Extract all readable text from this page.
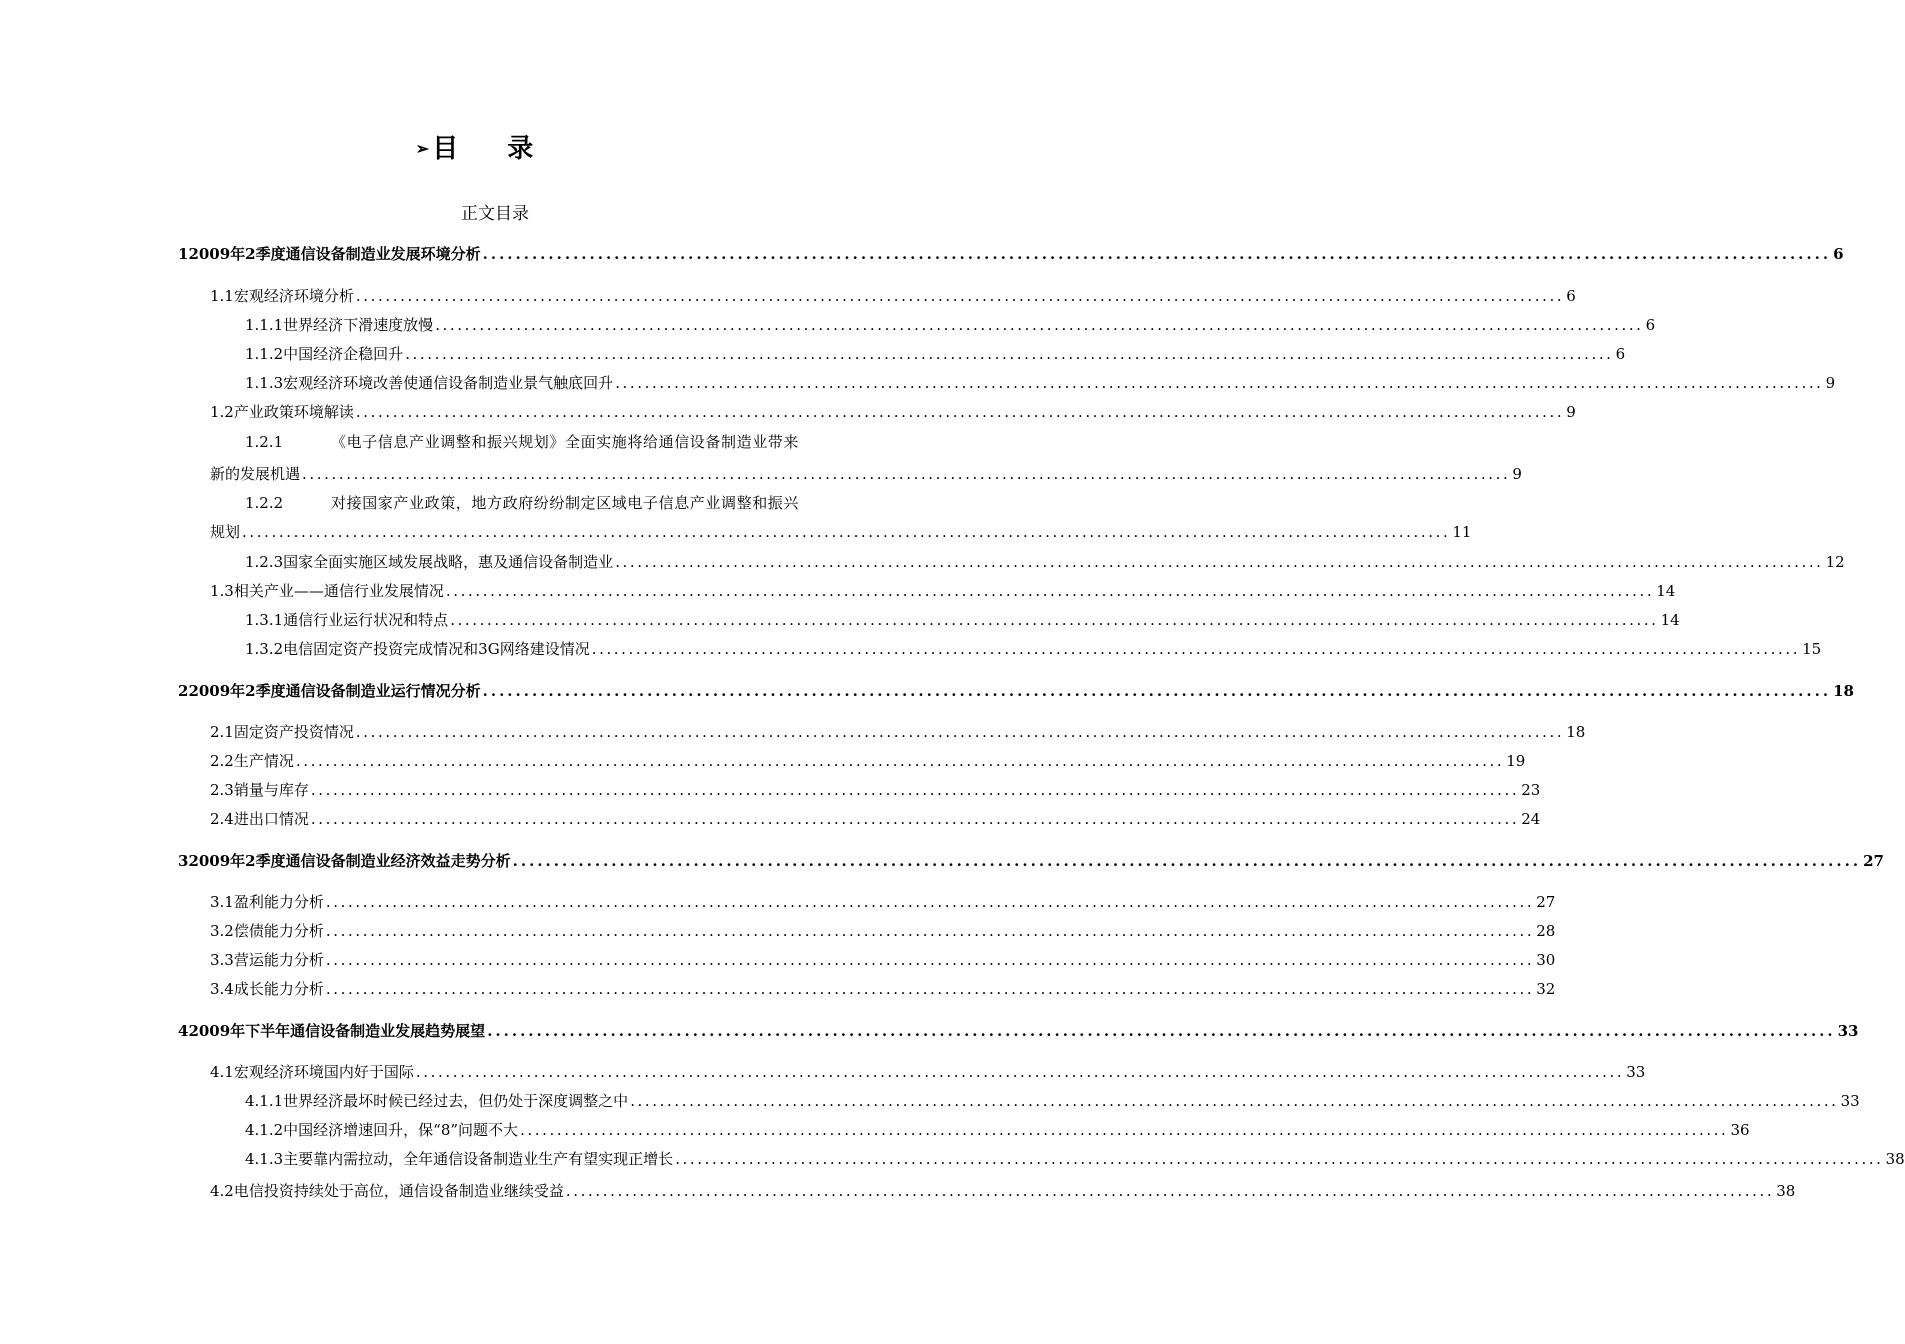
➢目 录
正文目录
1 2009年2季度通信设备制造业发展环境分析 .................................................................................................................................................................... 6
1.1 宏观经济环境分析 .................................................................................................................................................................... 6
1.1.1 世界经济下滑速度放慢 .................................................................................................................................................................... 6
1.1.2 中国经济企稳回升 .................................................................................................................................................................... 6
1.1.3 宏观经济环境改善使通信设备制造业景气触底回升 .................................................................................................................................................................... 9
1.2 产业政策环境解读 .................................................................................................................................................................... 9
1.2.1	《电子信息产业调整和振兴规划》全面实施将给通信设备制造业带来
新的发展机遇 .................................................................................................................................................................... 9
1.2.2	对接国家产业政策，地方政府纷纷制定区域电子信息产业调整和振兴
规划 .................................................................................................................................................................... 11
1.2.3 国家全面实施区域发展战略，惠及通信设备制造业 .................................................................................................................................................................... 12
1.3 相关产业——通信行业发展情况 .................................................................................................................................................................... 14
1.3.1 通信行业运行状况和特点 .................................................................................................................................................................... 14
1.3.2 电信固定资产投资完成情况和3G网络建设情况 .................................................................................................................................................................... 15
2 2009年2季度通信设备制造业运行情况分析 .................................................................................................................................................................... 18
2.1 固定资产投资情况 .................................................................................................................................................................... 18
2.2 生产情况 .................................................................................................................................................................... 19
2.3 销量与库存 .................................................................................................................................................................... 23
2.4 进出口情况 .................................................................................................................................................................... 24
3 2009年2季度通信设备制造业经济效益走势分析 .................................................................................................................................................................... 27
3.1 盈利能力分析 .................................................................................................................................................................... 27
3.2 偿债能力分析 .................................................................................................................................................................... 28
3.3 营运能力分析 .................................................................................................................................................................... 30
3.4 成长能力分析 .................................................................................................................................................................... 32
4 2009年下半年通信设备制造业发展趋势展望 .................................................................................................................................................................... 33
4.1 宏观经济环境国内好于国际 .................................................................................................................................................................... 33
4.1.1 世界经济最坏时候已经过去，但仍处于深度调整之中 .................................................................................................................................................................... 33
4.1.2 中国经济增速回升，保“8”问题不大 .................................................................................................................................................................... 36
4.1.3 主要靠内需拉动，全年通信设备制造业生产有望实现正增长 .................................................................................................................................................................... 38
4.2 电信投资持续处于高位，通信设备制造业继续受益 .................................................................................................................................................................... 38
